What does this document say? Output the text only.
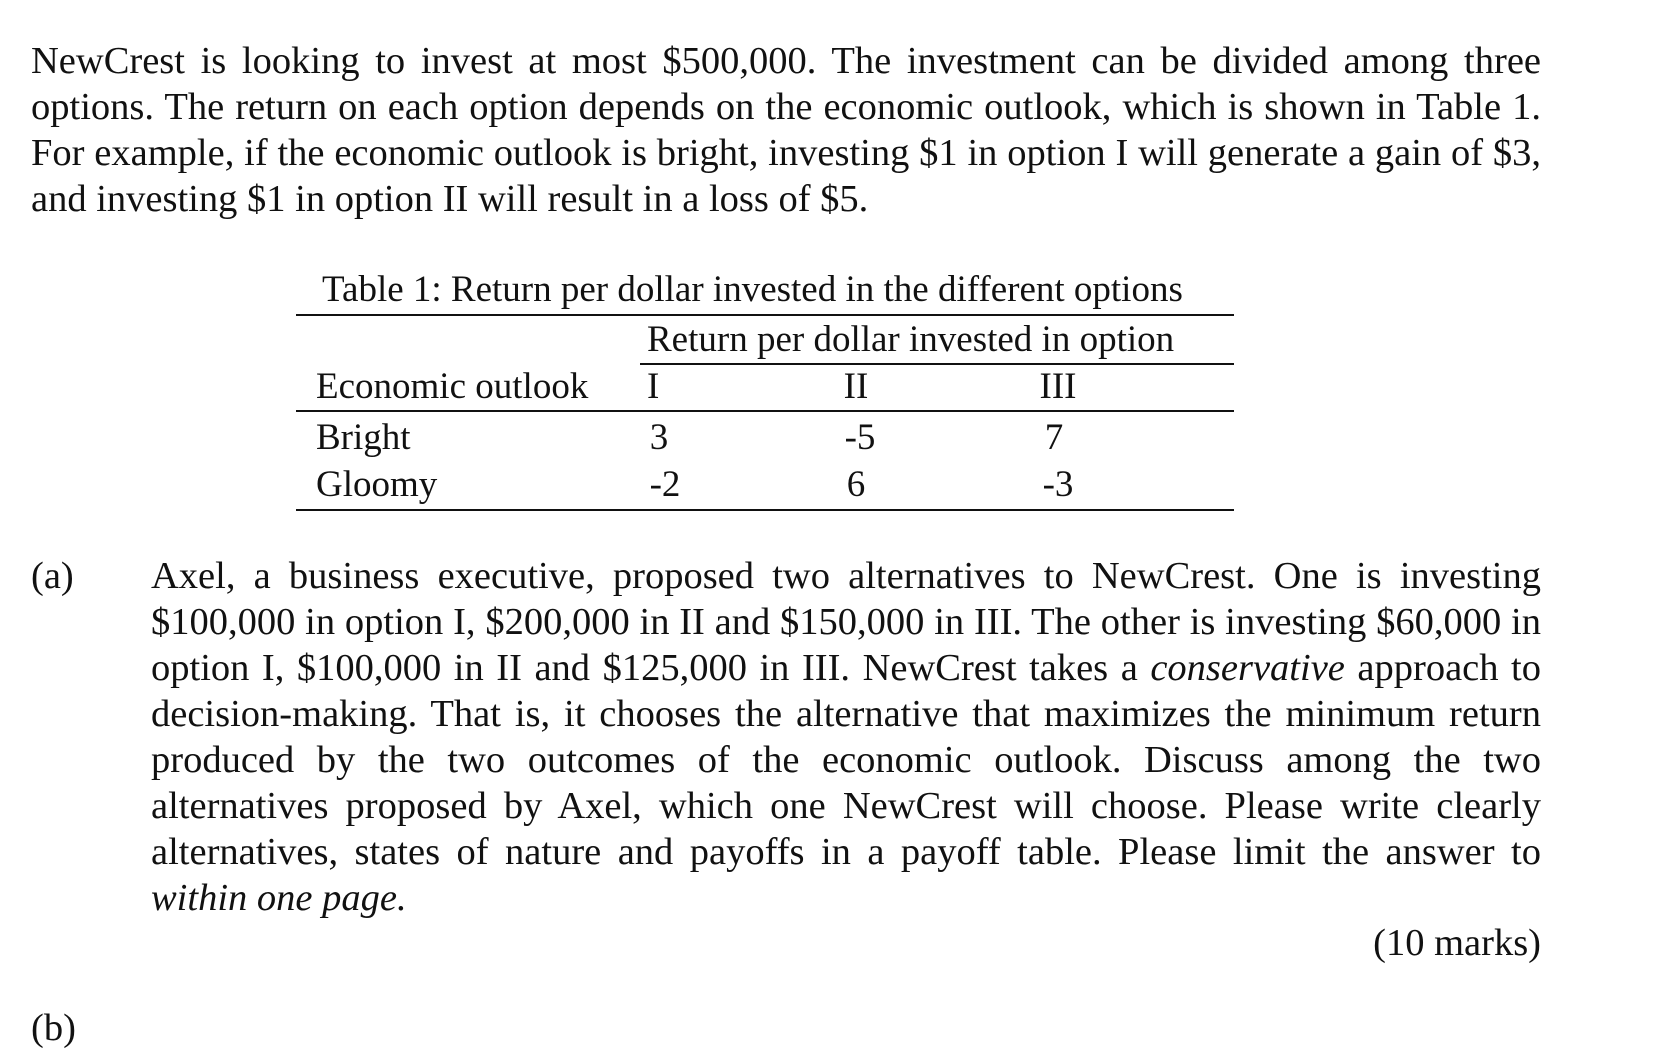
NewCrest is looking to invest at most $500,000. The investment can be divided among three options. The return on each option depends on the economic outlook, which is shown in Table 1. For example, if the economic outlook is bright, investing $1 in option I will generate a gain of $3, and investing $1 in option II will result in a loss of $5.
Table 1: Return per dollar invested in the different options
Return per dollar invested in option
Economic outlook I	II	III
Bright	3	-5	7
Gloomy	-2	6	-3
(a) Axel, a business executive, proposed two alternatives to NewCrest. One is investing $100,000 in option I, $200,000 in II and $150,000 in III. The other is investing $60,000 in option I, $100,000 in II and $125,000 in III. NewCrest takes a conservative approach to decision-making. That is, it chooses the alternative that maximizes the minimum return produced by the two outcomes of the economic outlook. Discuss among the two alternatives proposed by Axel, which one NewCrest will choose. Please write clearly alternatives, states of nature and payoffs in a payoff table. Please limit the answer to within one page.
(10 marks)
(b)
